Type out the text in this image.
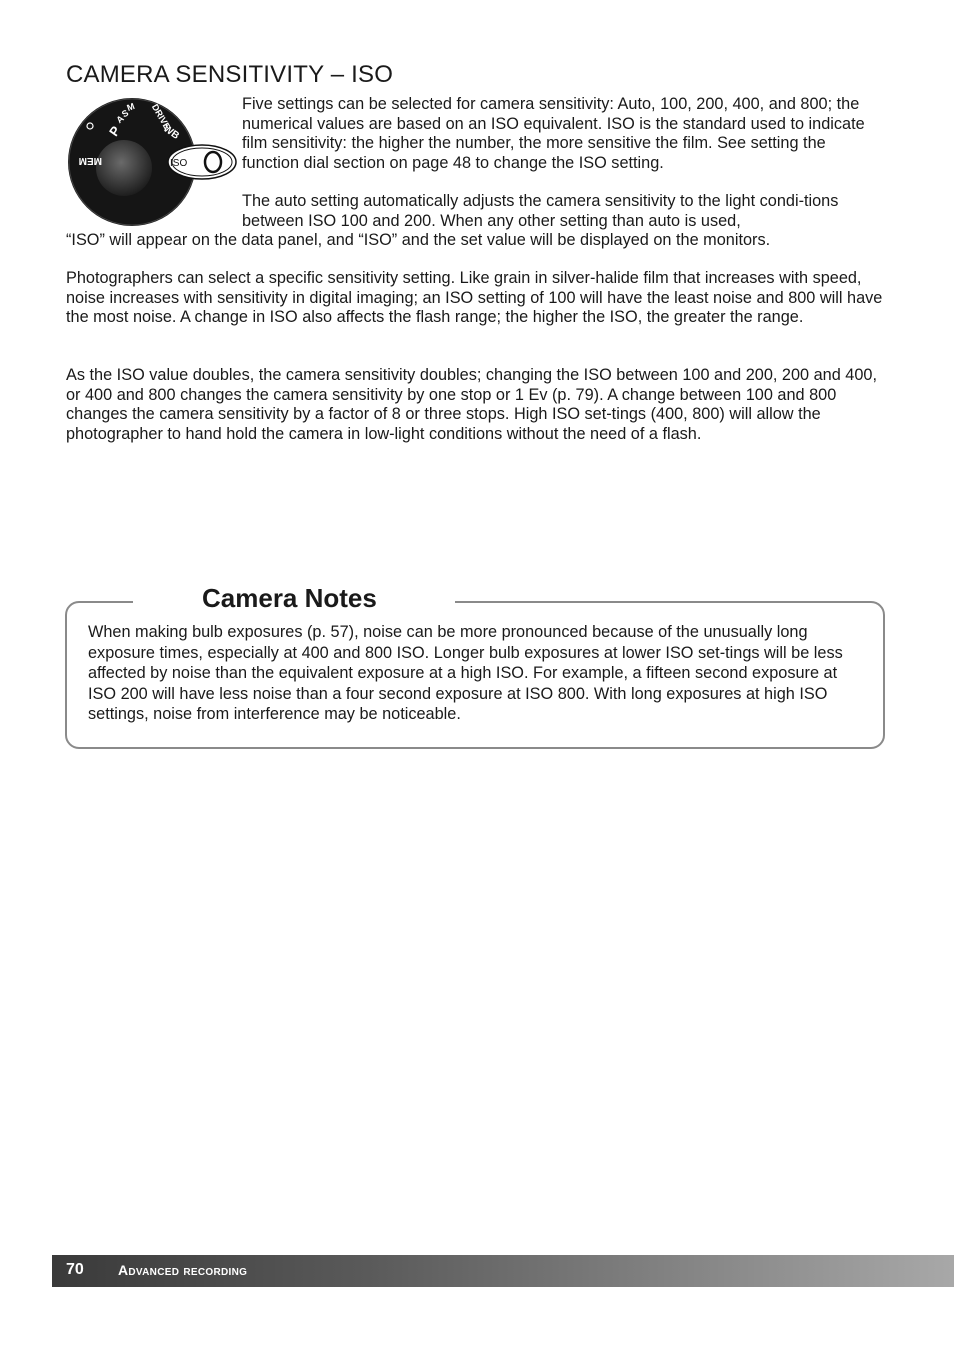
CAMERA SENSITIVITY – ISO
MEM
P
A
S
M DRIVE
WB
ISO

Five settings can be selected for camera sensitivity: Auto, 100, 200, 400, and 800; the numerical values are based on an ISO equivalent. ISO is the standard used to indicate film sensitivity: the higher the number, the more sensitive the film. See setting the function dial section on page 48 to change the ISO setting.

The auto setting automatically adjusts the camera sensitivity to the light condi-tions between ISO 100 and 200. When any other setting than auto is used,
“ISO” will appear on the data panel, and “ISO” and the set value will be displayed on the monitors.

Photographers can select a specific sensitivity setting. Like grain in silver-halide film that increases with speed, noise increases with sensitivity in digital imaging; an ISO setting of 100 will have the least noise and 800 will have the most noise. A change in ISO also affects the flash range; the higher the ISO, the greater the range.

As the ISO value doubles, the camera sensitivity doubles; changing the ISO between 100 and 200, 200 and 400, or 400 and 800 changes the camera sensitivity by one stop or 1 Ev (p. 79). A change between 100 and 800 changes the camera sensitivity by a factor of 8 or three stops. High ISO set-tings (400, 800) will allow the photographer to hand hold the camera in low-light conditions without the need of a flash.

Camera Notes

When making bulb exposures (p. 57), noise can be more pronounced because of the unusually long exposure times, especially at 400 and 800 ISO. Longer bulb exposures at lower ISO set-tings will be less affected by noise than the equivalent exposure at a high ISO. For example, a fifteen second exposure at ISO 200 will have less noise than a four second exposure at ISO 800. With long exposures at high ISO settings, noise from interference may be noticeable.

70 Advanced recording
